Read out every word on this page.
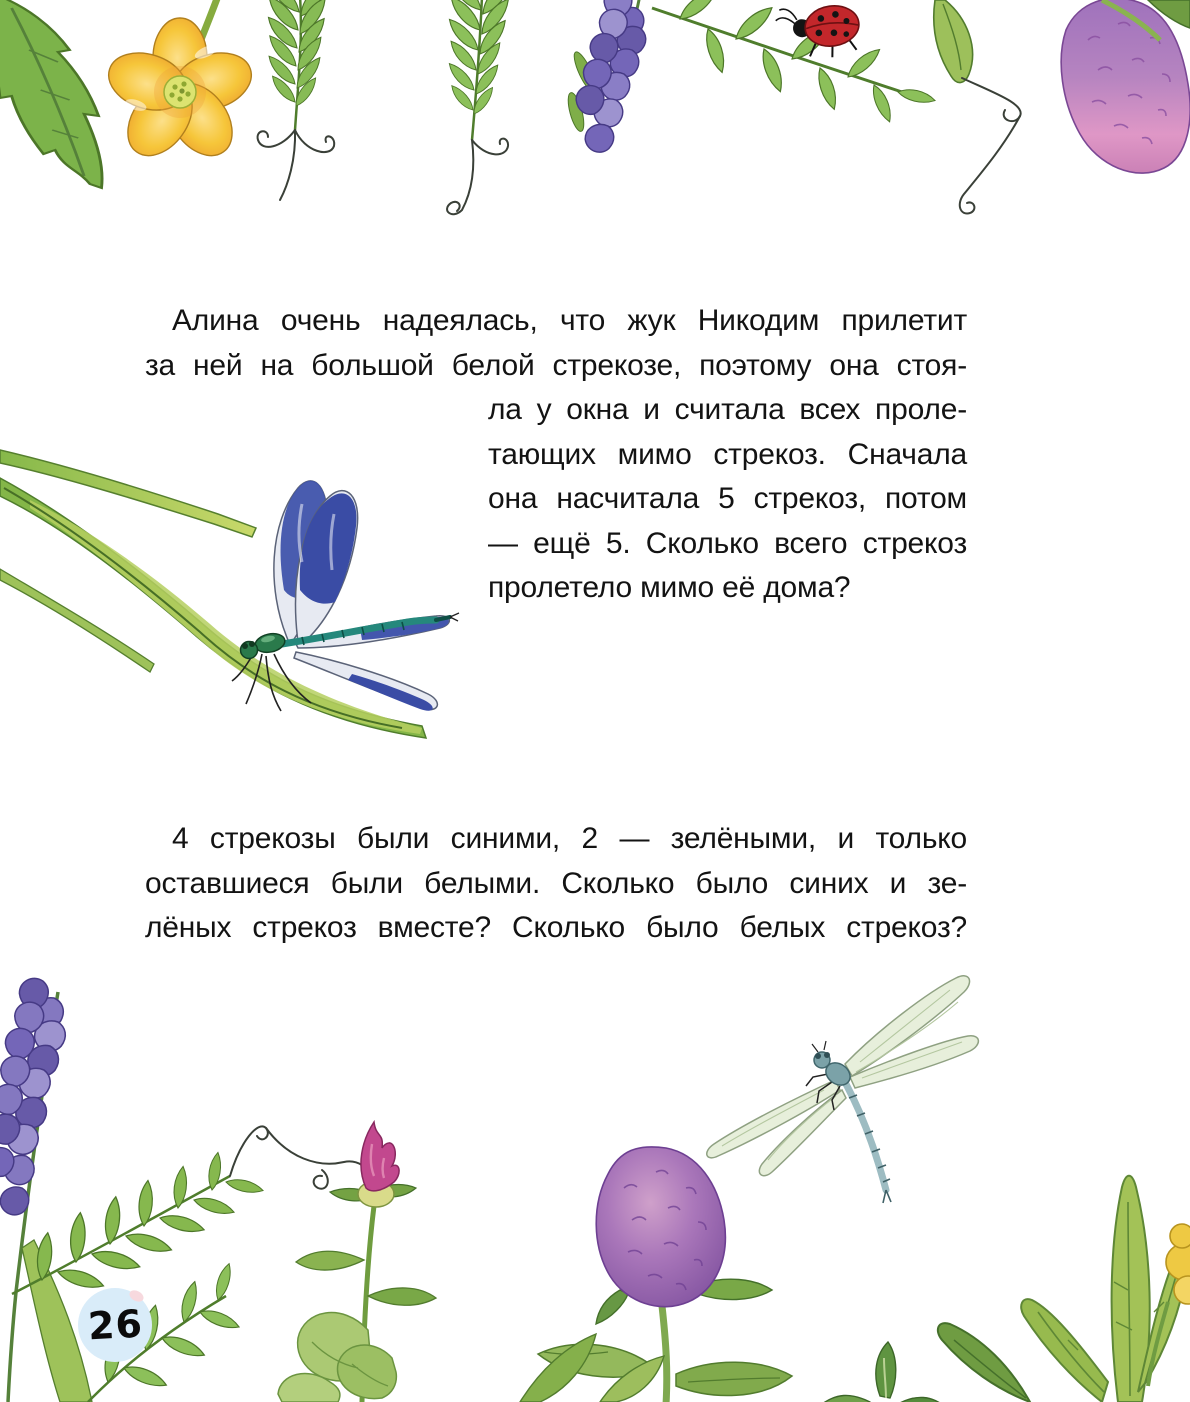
Алина очень надеялась, что жук Никодим прилетит
за ней на большой белой стрекозе, поэтому она стоя-
ла у окна и считала всех проле-
тающих мимо стрекоз. Сначала
она насчитала 5 стрекоз, потом
— ещё 5. Сколько всего стрекоз
пролетело мимо её дома?
4 стрекозы были синими, 2 — зелёными, и только
оставшиеся были белыми. Сколько было синих и зе-
лёных стрекоз вместе? Сколько было белых стрекоз?
26
